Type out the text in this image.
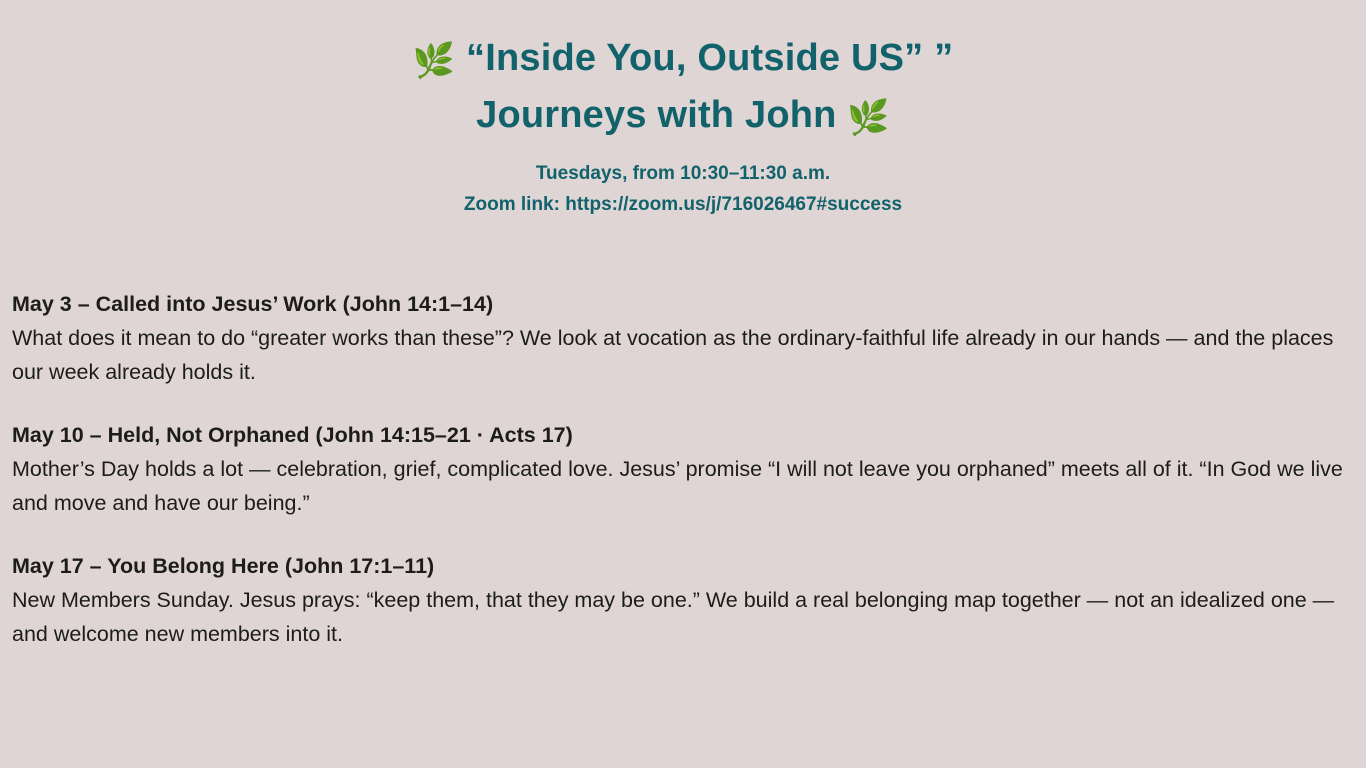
🌿 “Inside You, Outside US” ”
Journeys with John 🌿
Tuesdays, from 10:30–11:30 a.m.
Zoom link: https://zoom.us/j/716026467#success

May 3 – Called into Jesus’ Work (John 14:1–14)

What does it mean to do “greater works than these”? We look at vocation as the ordinary-faithful life already in our hands — and the places our week already holds it.

May 10 – Held, Not Orphaned (John 14:15–21 · Acts 17)

Mother’s Day holds a lot — celebration, grief, complicated love. Jesus’ promise “I will not leave you orphaned” meets all of it. “In God we live and move and have our being.”

May 17 – You Belong Here (John 17:1–11)

New Members Sunday. Jesus prays: “keep them, that they may be one.” We build a real belonging map together — not an idealized one — and welcome new members into it.
